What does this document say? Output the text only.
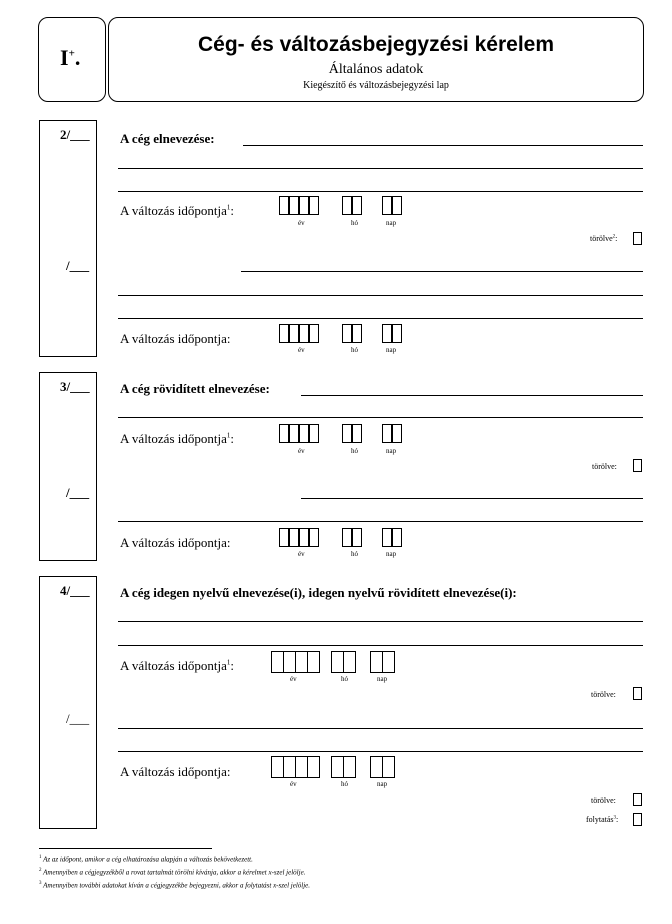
I+.
Cég- és változásbejegyzési kérelem
Általános adatok
Kiegészítő és változásbejegyzési lap
2/___
/___
A cég elnevezése:
A változás időpontja$^1$:
év	hó	nap
törölve$^2$:
A változás időpontja:
év	hó	nap
3/___
/___
A cég rövidített elnevezése:
A változás időpontja$^1$:
év	hó	nap
törölve:
A változás időpontja:
év	hó	nap
4/___
/___
A cég idegen nyelvű elnevezése(i), idegen nyelvű rövidített elnevezése(i):
A változás időpontja$^1$:
év	hó	nap
törölve:
A változás időpontja:
év	hó	nap
törölve:
folytatás$^3$:
$^1$ Az az időpont, amikor a cég elhatározása alapján a változás bekövetkezett.
$^2$ Amennyiben a cégjegyzékből a rovat tartalmát törölni kívánja, akkor a kérelmet x-szel jelölje.
$^3$ Amennyiben további adatokat kíván a cégjegyzékbe bejegyezni, akkor a folytatást x-szel jelölje.
